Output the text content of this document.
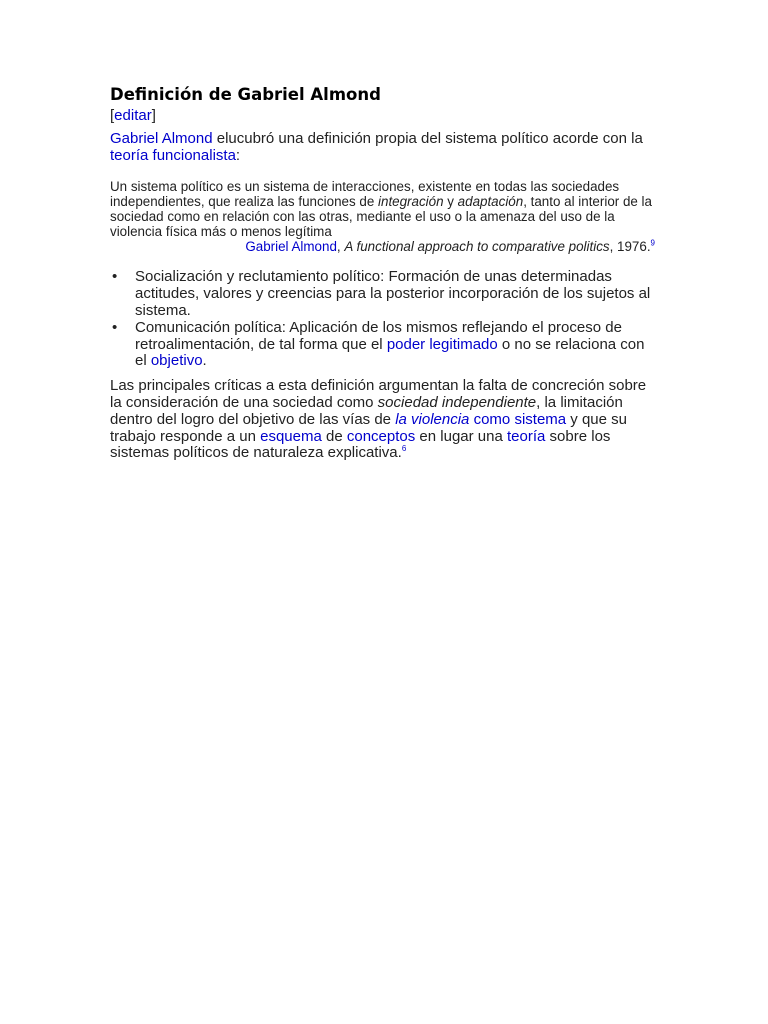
Definición de Gabriel Almond
[editar]

Gabriel Almond elucubró una definición propia del sistema político acorde con la teoría funcionalista:

Un sistema político es un sistema de interacciones, existente en todas las sociedades independientes, que realiza las funciones de integración y adaptación, tanto al interior de la sociedad como en relación con las otras, mediante el uso o la amenaza del uso de la violencia física más o menos legítima
Gabriel Almond, A functional approach to comparative politics, 1976.$^9$
• Socialización y reclutamiento político: Formación de unas determinadas actitudes, valores y creencias para la posterior incorporación de los sujetos al sistema.
• Comunicación política: Aplicación de los mismos reflejando el proceso de retroalimentación, de tal forma que el poder legitimado o no se relaciona con el objetivo.

Las principales críticas a esta definición argumentan la falta de concreción sobre la consideración de una sociedad como sociedad independiente, la limitación dentro del logro del objetivo de las vías de la violencia como sistema y que su trabajo responde a un esquema de conceptos en lugar una teoría sobre los sistemas políticos de naturaleza explicativa.$^6$
